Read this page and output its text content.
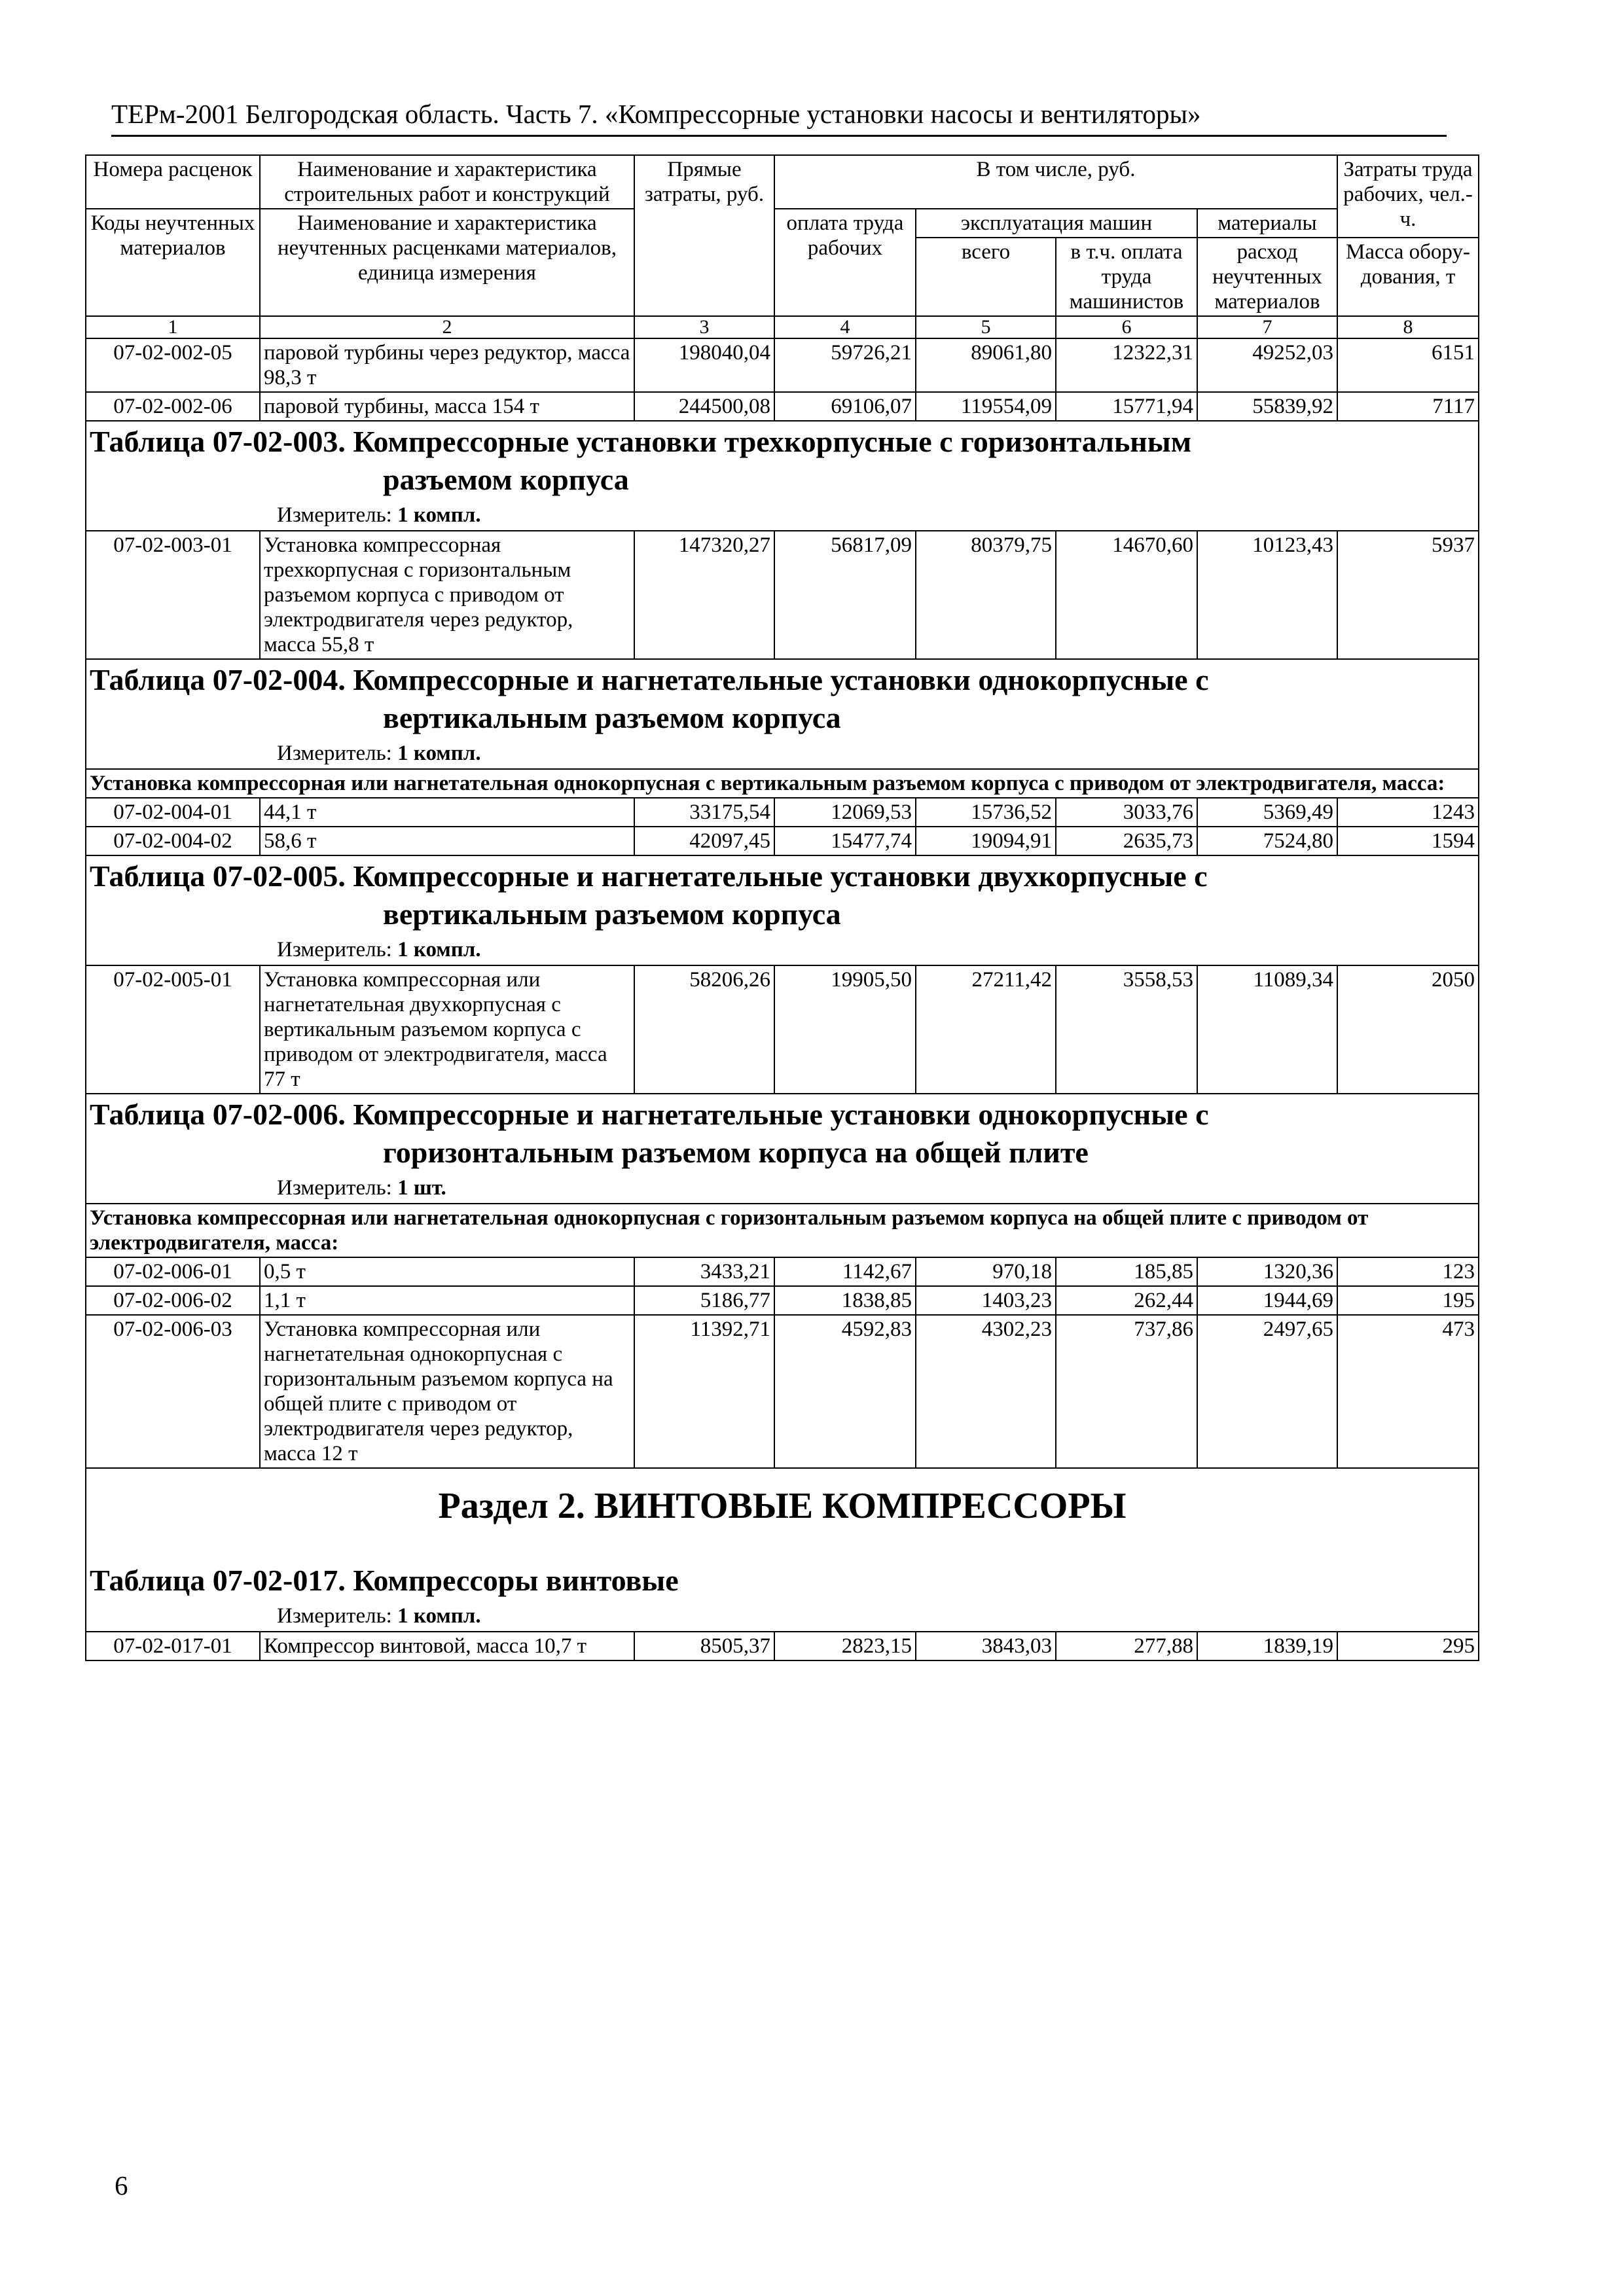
ТЕРм-2001 Белгородская область. Часть 7. «Компрессорные установки насосы и вентиляторы»
Номера расценок	Наименование и характеристика строительных работ и конструкций	Прямые затраты, руб.	В том числе, руб.				Затраты труда рабочих, чел.-ч.
Коды неучтенных материалов	Наименование и характеристика неучтенных расценками материалов, единица измерения		оплата труда рабочих	эксплуатация машин		материалы	
				всего	в т.ч. оплата труда машинистов	расход неучтенных материалов	Масса обору-дования, т
1	2	3	4	5	6	7	8
07-02-002-05	паровой турбины через редуктор, масса 98,3 т	198040,04	59726,21	89061,80	12322,31	49252,03	6151
07-02-002-06	паровой турбины, масса 154 т	244500,08	69106,07	119554,09	15771,94	55839,92	7117

Таблица 07-02-003. Компрессорные установки трехкорпусные с горизонтальным
разъемом корпуса
Измеритель: 1 компл.							

07-02-003-01	Установка компрессорная трехкорпусная с горизонтальным разъемом корпуса с приводом от электродвигателя через редуктор, масса 55,8 т	147320,27	56817,09	80379,75	14670,60	10123,43	5937

Таблица 07-02-004. Компрессорные и нагнетательные установки однокорпусные с
вертикальным разъемом корпуса
Измеритель: 1 компл.							

Установка компрессорная или нагнетательная однокорпусная с вертикальным разъемом корпуса с приводом от электродвигателя, масса:							
07-02-004-01	44,1 т	33175,54	12069,53	15736,52	3033,76	5369,49	1243
07-02-004-02	58,6 т	42097,45	15477,74	19094,91	2635,73	7524,80	1594

Таблица 07-02-005. Компрессорные и нагнетательные установки двухкорпусные с
вертикальным разъемом корпуса
Измеритель: 1 компл.							

07-02-005-01	Установка компрессорная или нагнетательная двухкорпусная с вертикальным разъемом корпуса с приводом от электродвигателя, масса 77 т	58206,26	19905,50	27211,42	3558,53	11089,34	2050

Таблица 07-02-006. Компрессорные и нагнетательные установки однокорпусные с
горизонтальным разъемом корпуса на общей плите
Измеритель: 1 шт.							

Установка компрессорная или нагнетательная однокорпусная с горизонтальным разъемом корпуса на общей плите с приводом от электродвигателя, масса:							
07-02-006-01	0,5 т	3433,21	1142,67	970,18	185,85	1320,36	123
07-02-006-02	1,1 т	5186,77	1838,85	1403,23	262,44	1944,69	195
07-02-006-03	Установка компрессорная или нагнетательная однокорпусная с горизонтальным разъемом корпуса на общей плите с приводом от электродвигателя через редуктор, масса 12 т	11392,71	4592,83	4302,23	737,86	2497,65	473

Раздел 2. ВИНТОВЫЕ КОМПРЕССОРЫ
Таблица 07-02-017. Компрессоры винтовые
Измеритель: 1 компл.							

07-02-017-01	Компрессор винтовой, масса 10,7 т	8505,37	2823,15	3843,03	277,88	1839,19	295
6
